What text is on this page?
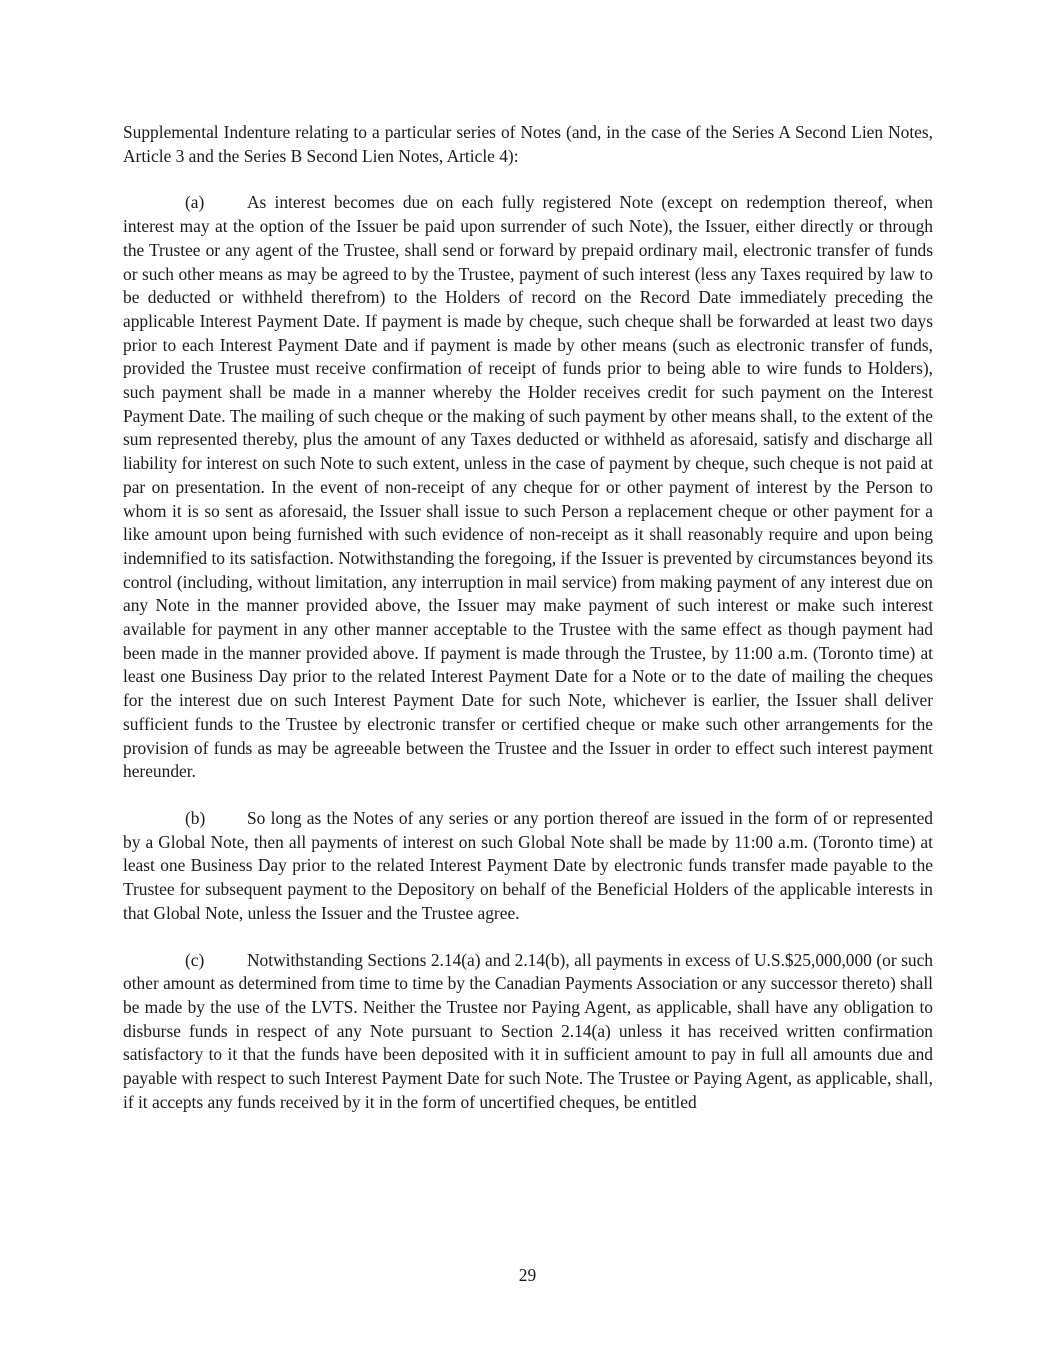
Supplemental Indenture relating to a particular series of Notes (and, in the case of the Series A Second Lien Notes, Article 3 and the Series B Second Lien Notes, Article 4):

(a) As interest becomes due on each fully registered Note (except on redemption thereof, when interest may at the option of the Issuer be paid upon surrender of such Note), the Issuer, either directly or through the Trustee or any agent of the Trustee, shall send or forward by prepaid ordinary mail, electronic transfer of funds or such other means as may be agreed to by the Trustee, payment of such interest (less any Taxes required by law to be deducted or withheld therefrom) to the Holders of record on the Record Date immediately preceding the applicable Interest Payment Date. If payment is made by cheque, such cheque shall be forwarded at least two days prior to each Interest Payment Date and if payment is made by other means (such as electronic transfer of funds, provided the Trustee must receive confirmation of receipt of funds prior to being able to wire funds to Holders), such payment shall be made in a manner whereby the Holder receives credit for such payment on the Interest Payment Date. The mailing of such cheque or the making of such payment by other means shall, to the extent of the sum represented thereby, plus the amount of any Taxes deducted or withheld as aforesaid, satisfy and discharge all liability for interest on such Note to such extent, unless in the case of payment by cheque, such cheque is not paid at par on presentation. In the event of non-receipt of any cheque for or other payment of interest by the Person to whom it is so sent as aforesaid, the Issuer shall issue to such Person a replacement cheque or other payment for a like amount upon being furnished with such evidence of non-receipt as it shall reasonably require and upon being indemnified to its satisfaction. Notwithstanding the foregoing, if the Issuer is prevented by circumstances beyond its control (including, without limitation, any interruption in mail service) from making payment of any interest due on any Note in the manner provided above, the Issuer may make payment of such interest or make such interest available for payment in any other manner acceptable to the Trustee with the same effect as though payment had been made in the manner provided above. If payment is made through the Trustee, by 11:00 a.m. (Toronto time) at least one Business Day prior to the related Interest Payment Date for a Note or to the date of mailing the cheques for the interest due on such Interest Payment Date for such Note, whichever is earlier, the Issuer shall deliver sufficient funds to the Trustee by electronic transfer or certified cheque or make such other arrangements for the provision of funds as may be agreeable between the Trustee and the Issuer in order to effect such interest payment hereunder.

(b) So long as the Notes of any series or any portion thereof are issued in the form of or represented by a Global Note, then all payments of interest on such Global Note shall be made by 11:00 a.m. (Toronto time) at least one Business Day prior to the related Interest Payment Date by electronic funds transfer made payable to the Trustee for subsequent payment to the Depository on behalf of the Beneficial Holders of the applicable interests in that Global Note, unless the Issuer and the Trustee agree.

(c) Notwithstanding Sections 2.14(a) and 2.14(b), all payments in excess of U.S.$25,000,000 (or such other amount as determined from time to time by the Canadian Payments Association or any successor thereto) shall be made by the use of the LVTS. Neither the Trustee nor Paying Agent, as applicable, shall have any obligation to disburse funds in respect of any Note pursuant to Section 2.14(a) unless it has received written confirmation satisfactory to it that the funds have been deposited with it in sufficient amount to pay in full all amounts due and payable with respect to such Interest Payment Date for such Note. The Trustee or Paying Agent, as applicable, shall, if it accepts any funds received by it in the form of uncertified cheques, be entitled

29
